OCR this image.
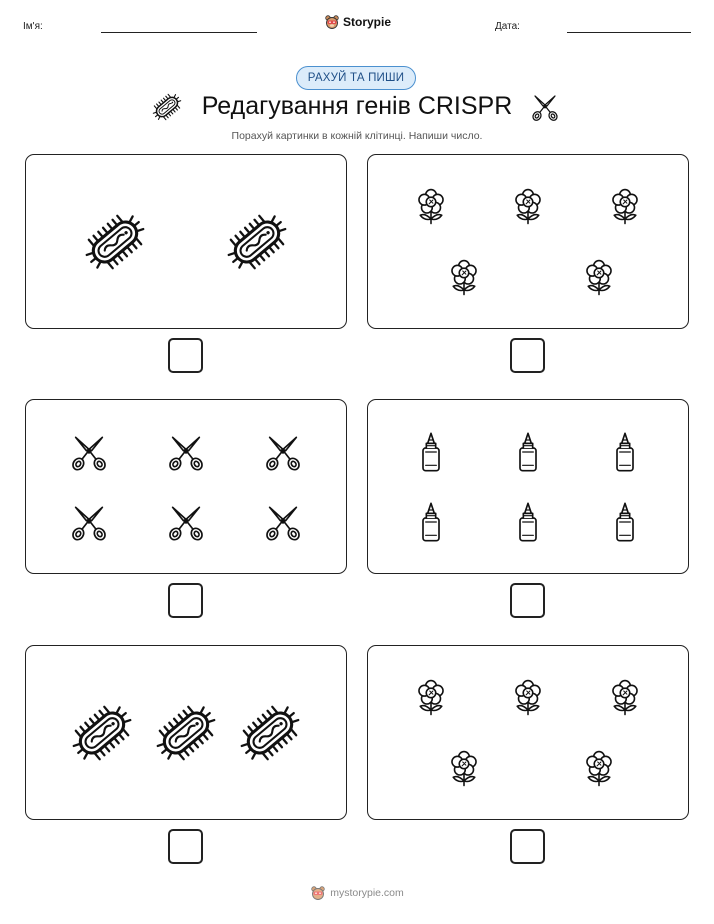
Ім'я:	Storypie	Дата:
РАХУЙ ТА ПИШИ
Редагування генів CRISPR
Порахуй картинки в кожній клітинці. Напиши число.
mystorypie.com
